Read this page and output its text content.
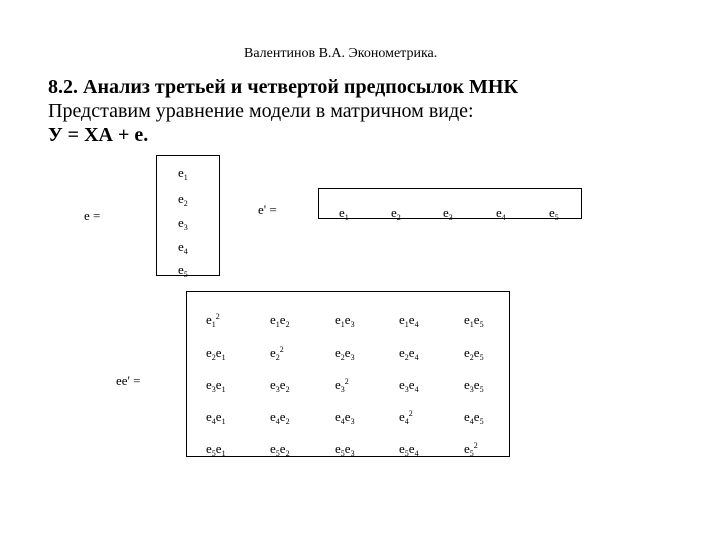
Валентинов В.А. Эконометрика.
8.2. Анализ третьей и четвертой предпосылок МНК
Представим уравнение модели в матричном виде:
У = ХА + е.
е =
$e_1$
$e_2$
$e_3$
$e_4$
$e_5$
e' =	$e_1$	$e_2$	$e_3$	$e_4$	$e_5$
ee' =
$e_1^2$	$e_1e_2$	$e_1e_3$	$e_1e_4$	$e_1e_5$
$e_2e_1$	$e_2^2$	$e_2e_3$	$e_2e_4$	$e_2e_5$
$e_3e_1$	$e_3e_2$	$e_3^2$	$e_3e_4$	$e_3e_5$
$e_4e_1$	$e_4e_2$	$e_4e_3$	$e_4^2$	$e_4e_5$
$e_5e_1$	$e_5e_2$	$e_5e_3$	$e_5e_4$	$e_5^2$
